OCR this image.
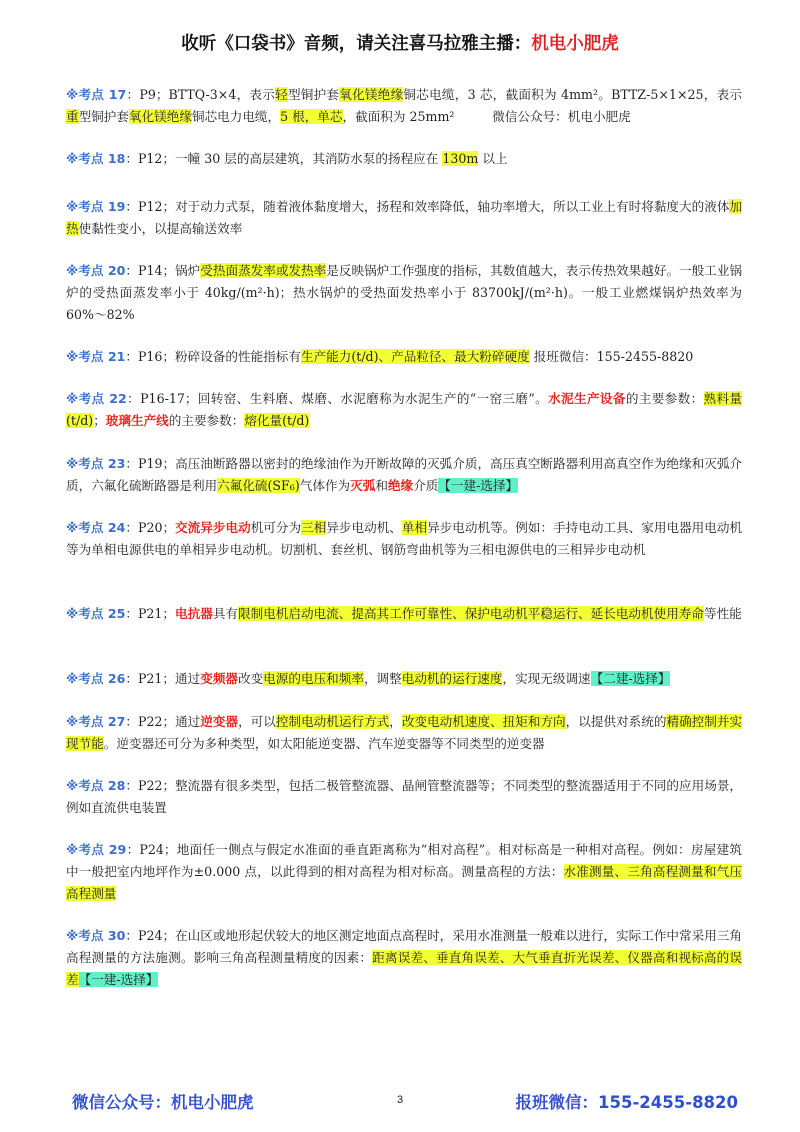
收听《口袋书》音频，请关注喜马拉雅主播：机电小肥虎
※考点 17：P9；BTTQ-3×4，表示轻型铜护套氧化镁绝缘铜芯电缆，3 芯，截面积为 4mm²。BTTZ-5×1×25，表示重型铜护套氧化镁绝缘铜芯电力电缆，5 根，单芯，截面积为 25mm²　　　微信公众号：机电小肥虎
※考点 18：P12；一幢 30 层的高层建筑，其消防水泵的扬程应在 130m 以上
※考点 19：P12；对于动力式泵，随着液体黏度增大，扬程和效率降低，轴功率增大，所以工业上有时将黏度大的液体加热使黏性变小，以提高输送效率
※考点 20：P14；锅炉受热面蒸发率或发热率是反映锅炉工作强度的指标，其数值越大，表示传热效果越好。一般工业锅炉的受热面蒸发率小于 40kg/(m²·h)；热水锅炉的受热面发热率小于 83700kJ/(m²·h)。一般工业燃煤锅炉热效率为 60%～82%
※考点 21：P16；粉碎设备的性能指标有生产能力(t/d)、产品粒径、最大粉碎硬度 报班微信：155-2455-8820
※考点 22：P16-17；回转窑、生料磨、煤磨、水泥磨称为水泥生产的“一窑三磨”。水泥生产设备的主要参数：熟料量(t/d)；玻璃生产线的主要参数：熔化量(t/d)
※考点 23：P19；高压油断路器以密封的绝缘油作为开断故障的灭弧介质，高压真空断路器利用高真空作为绝缘和灭弧介质，六氟化硫断路器是利用六氟化硫(SF₆)气体作为灭弧和绝缘介质【一建-选择】
※考点 24：P20；交流异步电动机可分为三相异步电动机、单相异步电动机等。例如：手持电动工具、家用电器用电动机等为单相电源供电的单相异步电动机。切割机、套丝机、钢筋弯曲机等为三相电源供电的三相异步电动机
※考点 25：P21；电抗器具有限制电机启动电流、提高其工作可靠性、保护电动机平稳运行、延长电动机使用寿命等性能
※考点 26：P21；通过变频器改变电源的电压和频率，调整电动机的运行速度，实现无级调速【二建-选择】
※考点 27：P22；通过逆变器，可以控制电动机运行方式，改变电动机速度、扭矩和方向，以提供对系统的精确控制并实现节能。逆变器还可分为多种类型，如太阳能逆变器、汽车逆变器等不同类型的逆变器
※考点 28：P22；整流器有很多类型，包括二极管整流器、晶闸管整流器等；不同类型的整流器适用于不同的应用场景，例如直流供电装置
※考点 29：P24；地面任一侧点与假定水准面的垂直距离称为“相对高程”。相对标高是一种相对高程。例如：房屋建筑中一般把室内地坪作为±0.000 点，以此得到的相对高程为相对标高。测量高程的方法：水准测量、三角高程测量和气压高程测量
※考点 30：P24；在山区或地形起伏较大的地区测定地面点高程时，采用水准测量一般难以进行，实际工作中常采用三角高程测量的方法施测。影响三角高程测量精度的因素：距离误差、垂直角误差、大气垂直折光误差、仪器高和视标高的误差【一建-选择】
微信公众号：机电小肥虎	3	报班微信：155-2455-8820
